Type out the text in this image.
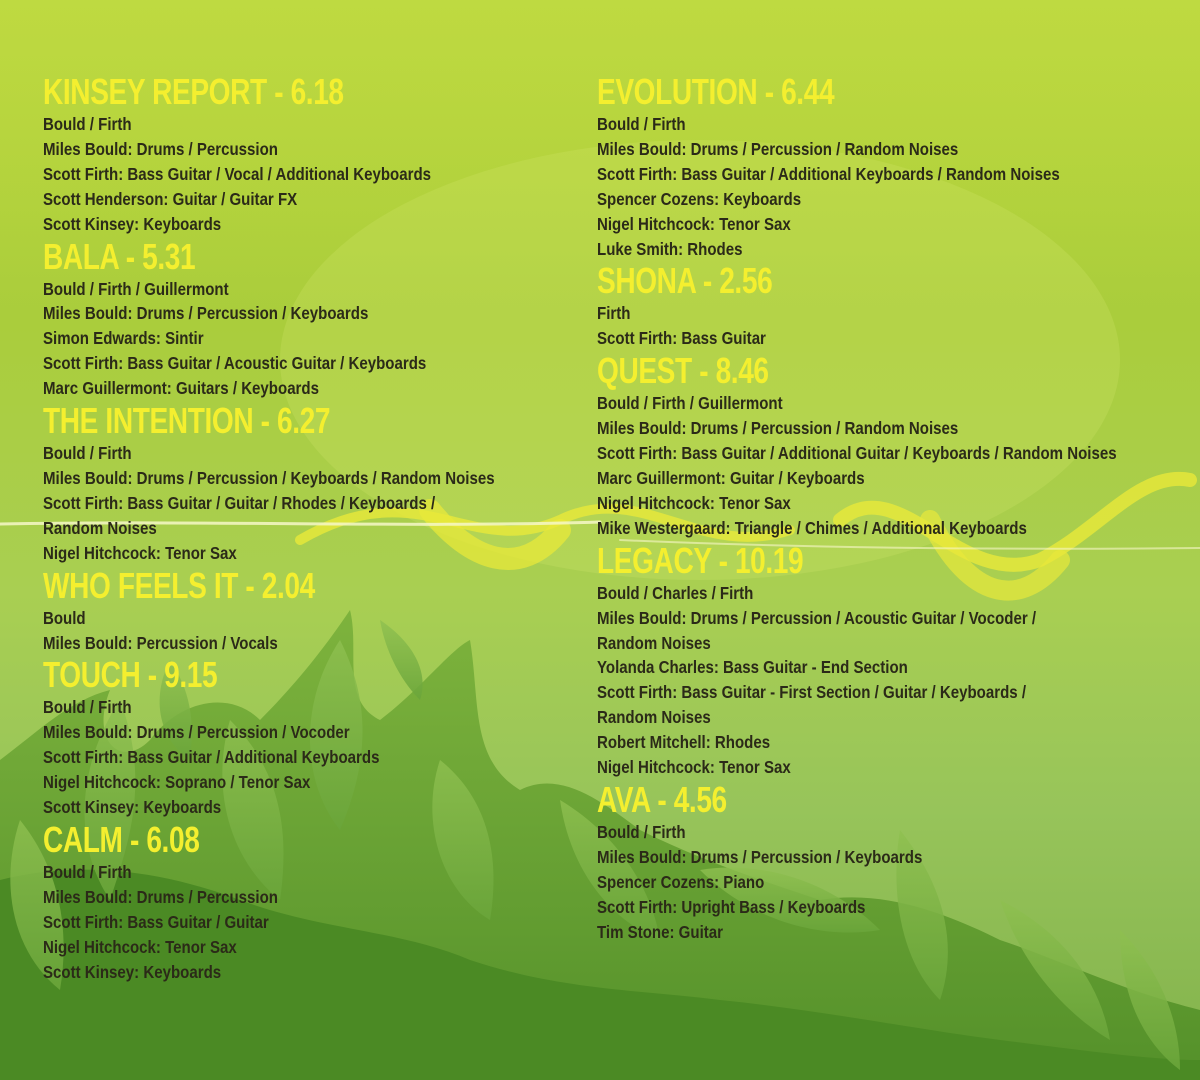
KINSEY REPORT - 6.18
Bould / Firth
Miles Bould: Drums / Percussion
Scott Firth: Bass Guitar / Vocal / Additional Keyboards
Scott Henderson: Guitar / Guitar FX
Scott Kinsey: Keyboards
BALA - 5.31
Bould / Firth / Guillermont
Miles Bould: Drums / Percussion / Keyboards
Simon Edwards: Sintir
Scott Firth: Bass Guitar / Acoustic Guitar / Keyboards
Marc Guillermont: Guitars / Keyboards
THE INTENTION - 6.27
Bould / Firth
Miles Bould: Drums / Percussion / Keyboards / Random Noises
Scott Firth: Bass Guitar / Guitar / Rhodes / Keyboards /
Random Noises
Nigel Hitchcock: Tenor Sax
WHO FEELS IT - 2.04
Bould
Miles Bould: Percussion / Vocals
TOUCH - 9.15
Bould / Firth
Miles Bould: Drums / Percussion / Vocoder
Scott Firth: Bass Guitar / Additional Keyboards
Nigel Hitchcock: Soprano / Tenor Sax
Scott Kinsey: Keyboards
CALM - 6.08
Bould / Firth
Miles Bould: Drums / Percussion
Scott Firth: Bass Guitar / Guitar
Nigel Hitchcock: Tenor Sax
Scott Kinsey: Keyboards
EVOLUTION - 6.44
Bould / Firth
Miles Bould: Drums / Percussion / Random Noises
Scott Firth: Bass Guitar / Additional Keyboards / Random Noises
Spencer Cozens: Keyboards
Nigel Hitchcock: Tenor Sax
Luke Smith: Rhodes
SHONA - 2.56
Firth
Scott Firth: Bass Guitar
QUEST - 8.46
Bould / Firth / Guillermont
Miles Bould: Drums / Percussion / Random Noises
Scott Firth: Bass Guitar / Additional Guitar / Keyboards / Random Noises
Marc Guillermont: Guitar / Keyboards
Nigel Hitchcock: Tenor Sax
Mike Westergaard: Triangle / Chimes / Additional Keyboards
LEGACY - 10.19
Bould / Charles / Firth
Miles Bould: Drums / Percussion / Acoustic Guitar / Vocoder /
Random Noises
Yolanda Charles: Bass Guitar - End Section
Scott Firth: Bass Guitar - First Section / Guitar / Keyboards /
Random Noises
Robert Mitchell: Rhodes
Nigel Hitchcock: Tenor Sax
AVA - 4.56
Bould / Firth
Miles Bould: Drums / Percussion / Keyboards
Spencer Cozens: Piano
Scott Firth: Upright Bass / Keyboards
Tim Stone: Guitar
